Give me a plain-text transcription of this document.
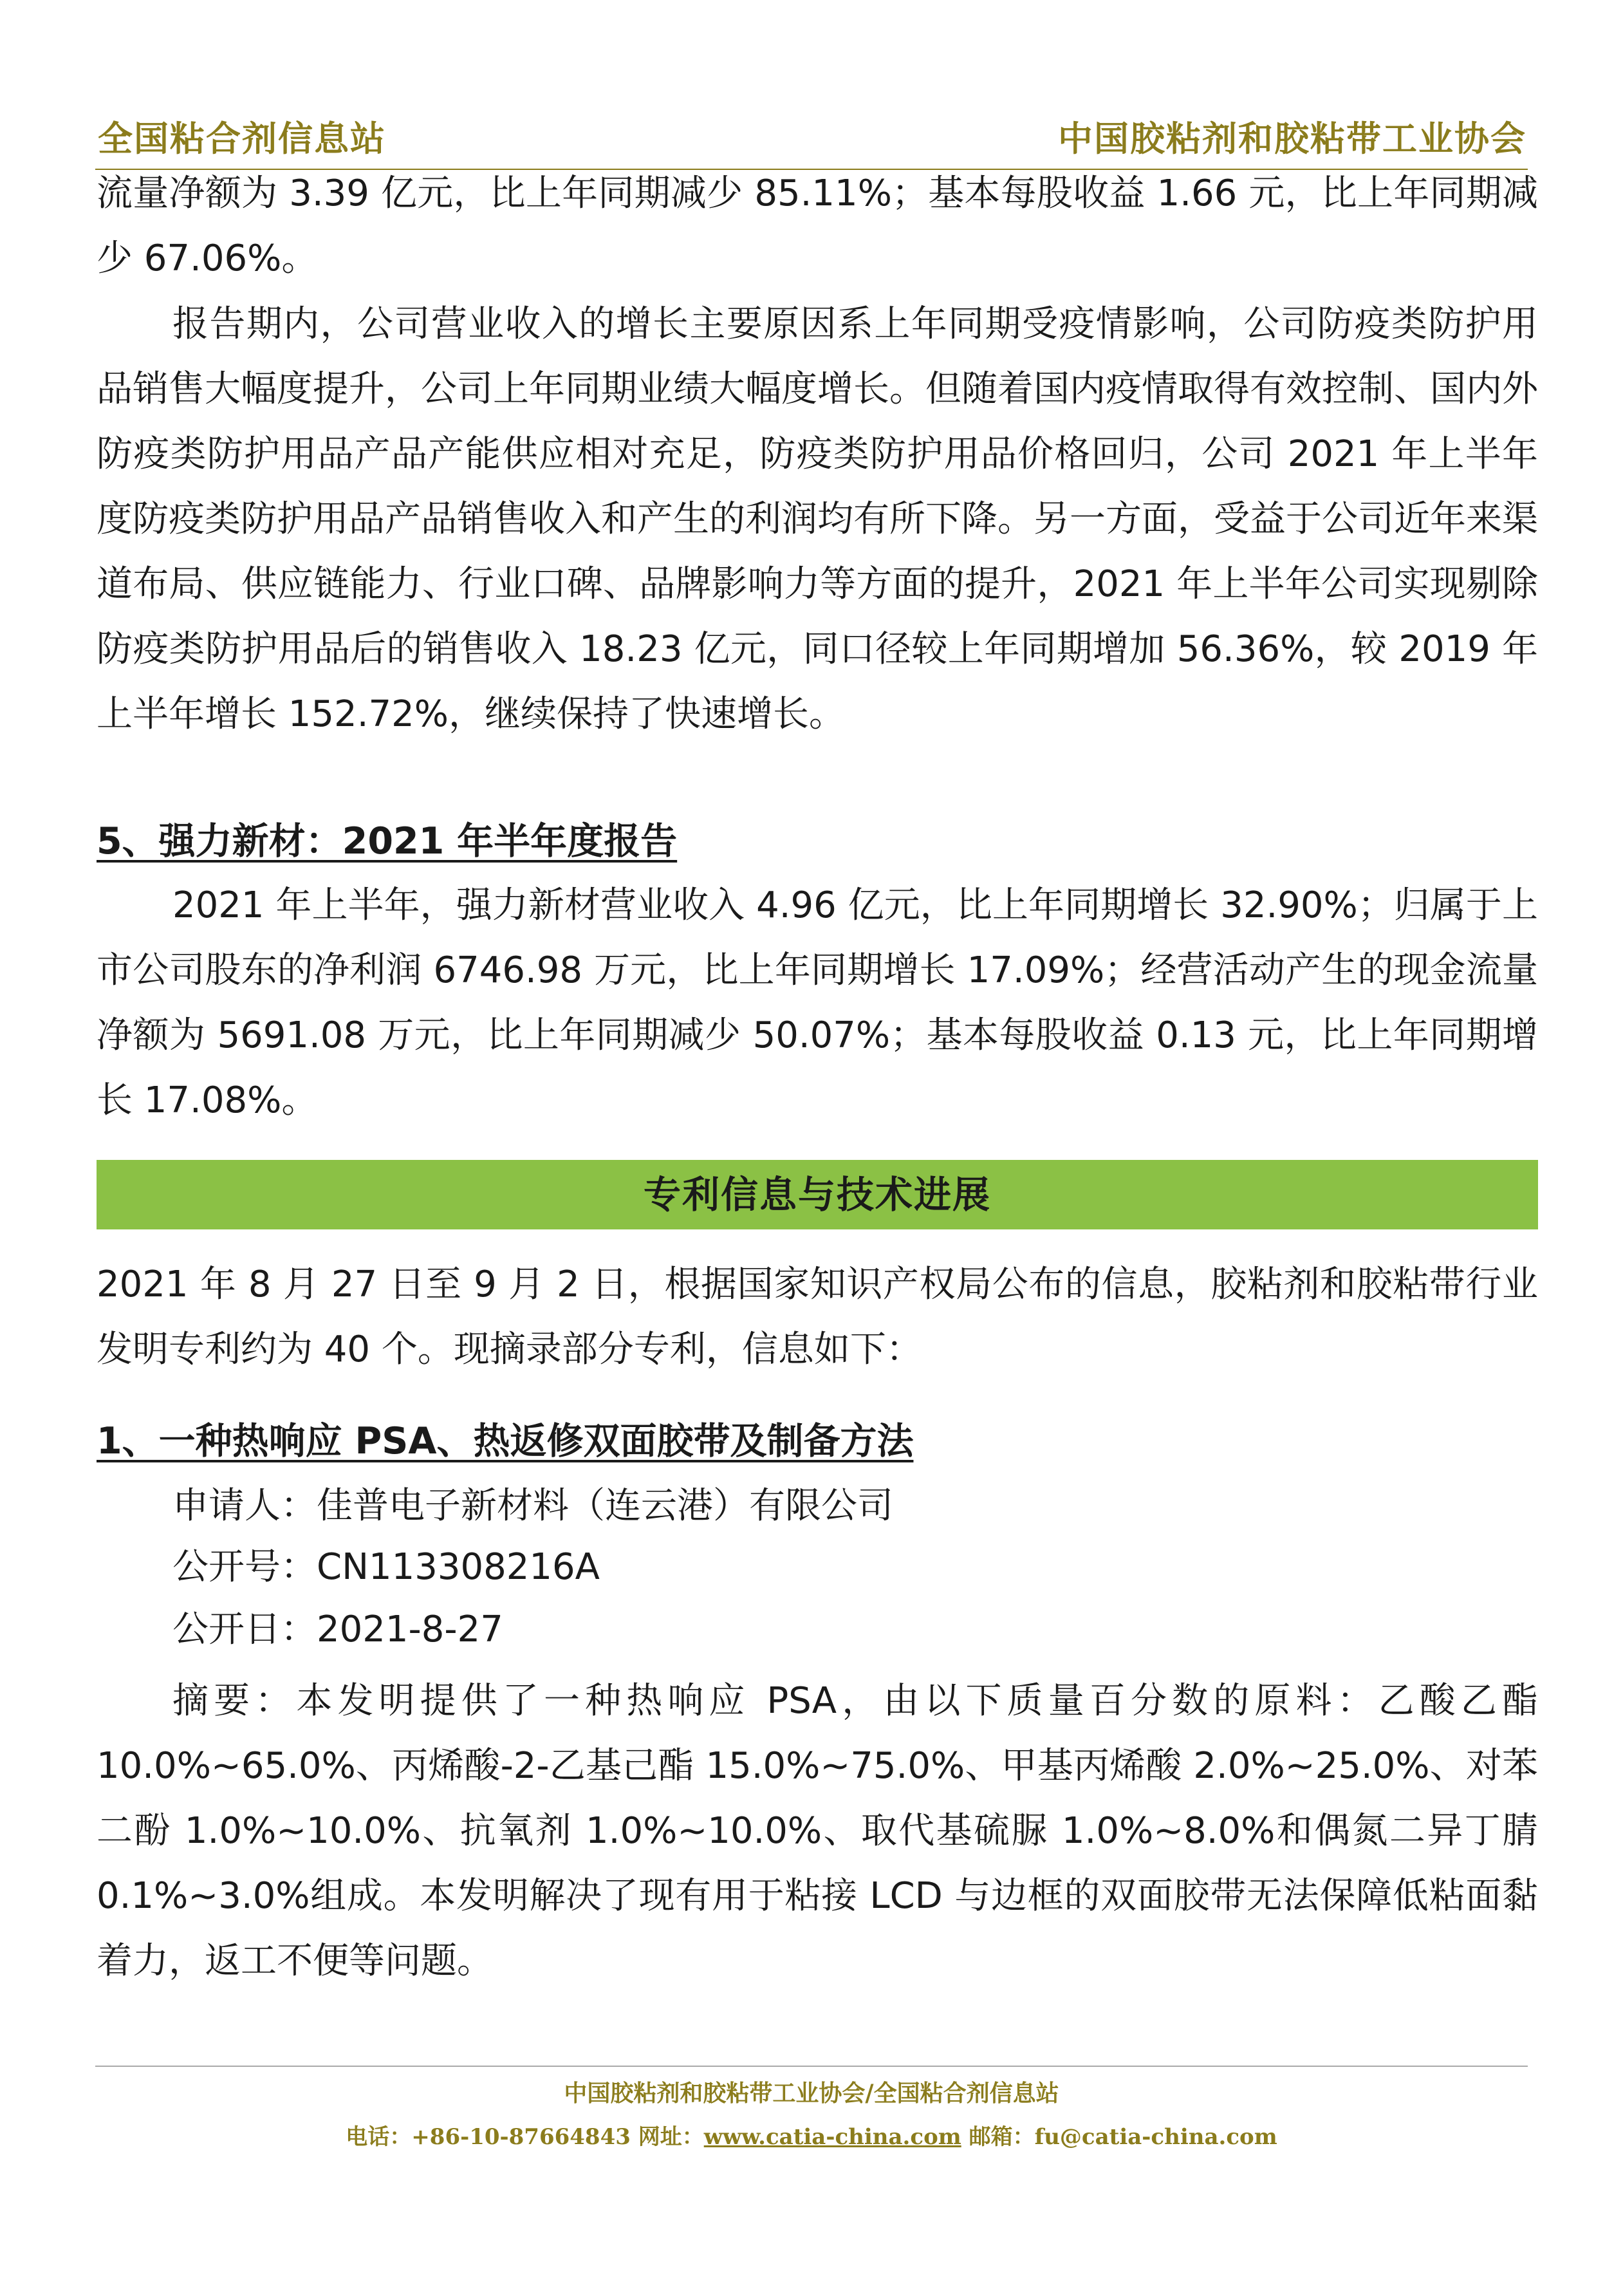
全国粘合剂信息站	中国胶粘剂和胶粘带工业协会

流量净额为 3.39 亿元，比上年同期减少 85.11%；基本每股收益 1.66 元，比上年同期减少 67.06%。

报告期内，公司营业收入的增长主要原因系上年同期受疫情影响，公司防疫类防护用品销售大幅度提升，公司上年同期业绩大幅度增长。但随着国内疫情取得有效控制、国内外防疫类防护用品产品产能供应相对充足，防疫类防护用品价格回归，公司 2021 年上半年度防疫类防护用品产品销售收入和产生的利润均有所下降。另一方面，受益于公司近年来渠道布局、供应链能力、行业口碑、品牌影响力等方面的提升，2021 年上半年公司实现剔除防疫类防护用品后的销售收入 18.23 亿元，同口径较上年同期增加 56.36%，较 2019 年上半年增长 152.72%，继续保持了快速增长。

5、强力新材：2021 年半年度报告

2021 年上半年，强力新材营业收入 4.96 亿元，比上年同期增长 32.90%；归属于上市公司股东的净利润 6746.98 万元，比上年同期增长 17.09%；经营活动产生的现金流量净额为 5691.08 万元，比上年同期减少 50.07%；基本每股收益 0.13 元，比上年同期增长 17.08%。

专利信息与技术进展

2021 年 8 月 27 日至 9 月 2 日，根据国家知识产权局公布的信息，胶粘剂和胶粘带行业发明专利约为 40 个。现摘录部分专利，信息如下：

1、一种热响应 PSA、热返修双面胶带及制备方法
申请人：佳普电子新材料（连云港）有限公司
公开号：CN113308216A
公开日：2021-8-27

摘要：本发明提供了一种热响应 PSA，由以下质量百分数的原料：乙酸乙酯 10.0%~65.0%、丙烯酸-2-乙基己酯 15.0%~75.0%、甲基丙烯酸 2.0%~25.0%、对苯二酚 1.0%~10.0%、抗氧剂 1.0%~10.0%、取代基硫脲 1.0%~8.0%和偶氮二异丁腈 0.1%~3.0%组成。本发明解决了现有用于粘接 LCD 与边框的双面胶带无法保障低粘面黏着力，返工不便等问题。

中国胶粘剂和胶粘带工业协会/全国粘合剂信息站
电话：+86-10-87664843 网址：www.catia-china.com 邮箱：fu@catia-china.com
